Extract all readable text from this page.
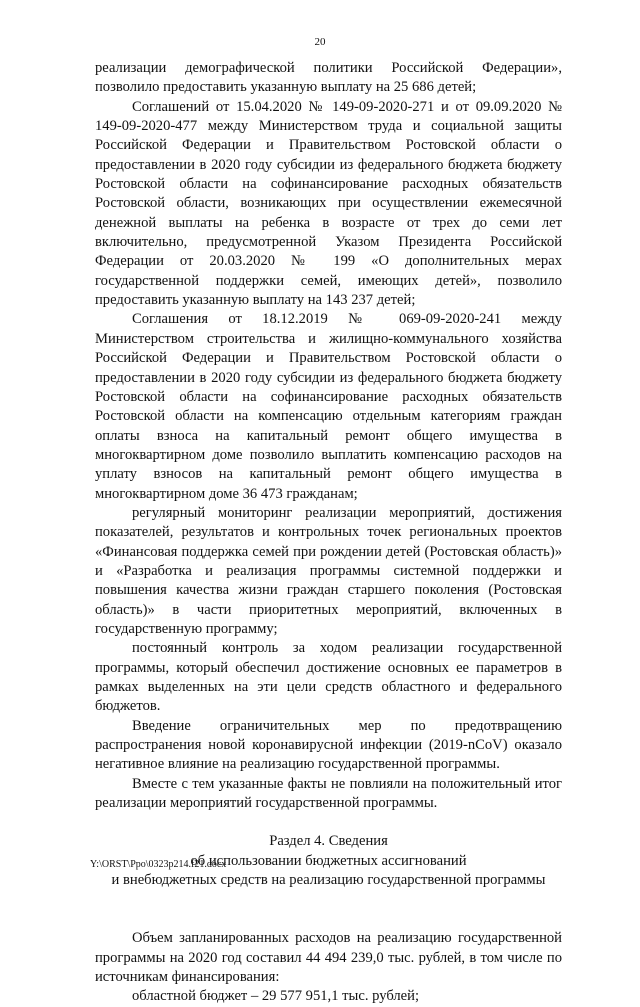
20

реализации демографической политики Российской Федерации», позволило предоставить указанную выплату на 25 686 детей;

Соглашений от 15.04.2020 № 149-09-2020-271 и от 09.09.2020 № 149-09-2020-477 между Министерством труда и социальной защиты Российской Федерации и Правительством Ростовской области о предоставлении в 2020 году субсидии из федерального бюджета бюджету Ростовской области на софинансирование расходных обязательств Ростовской области, возникающих при осуществлении ежемесячной денежной выплаты на ребенка в возрасте от трех до семи лет включительно, предусмотренной Указом Президента Российской Федерации от 20.03.2020 № 199 «О дополнительных мерах государственной поддержки семей, имеющих детей», позволило предоставить указанную выплату на 143 237 детей;

Соглашения от 18.12.2019 № 069-09-2020-241 между Министерством строительства и жилищно-коммунального хозяйства Российской Федерации и Правительством Ростовской области о предоставлении в 2020 году субсидии из федерального бюджета бюджету Ростовской области на софинансирование расходных обязательств Ростовской области на компенсацию отдельным категориям граждан оплаты взноса на капитальный ремонт общего имущества в многоквартирном доме позволило выплатить компенсацию расходов на уплату взносов на капитальный ремонт общего имущества в многоквартирном доме 36 473 гражданам;

регулярный мониторинг реализации мероприятий, достижения показателей, результатов и контрольных точек региональных проектов «Финансовая поддержка семей при рождении детей (Ростовская область)» и «Разработка и реализация программы системной поддержки и повышения качества жизни граждан старшего поколения (Ростовская область)» в части приоритетных мероприятий, включенных в государственную программу;

постоянный контроль за ходом реализации государственной программы, который обеспечил достижение основных ее параметров в рамках выделенных на эти цели средств областного и федерального бюджетов.

Введение ограничительных мер по предотвращению распространения новой коронавирусной инфекции (2019-nCoV) оказало негативное влияние на реализацию государственной программы.

Вместе с тем указанные факты не повлияли на положительный итог реализации мероприятий государственной программы.

Раздел 4. Сведения
об использовании бюджетных ассигнований
и внебюджетных средств на реализацию государственной программы

Объем запланированных расходов на реализацию государственной программы на 2020 год составил 44 494 239,0 тыс. рублей, в том числе по источникам финансирования:

областной бюджет – 29 577 951,1 тыс. рублей;

Y:\ORST\Ppo\0323p214.f21.docx
